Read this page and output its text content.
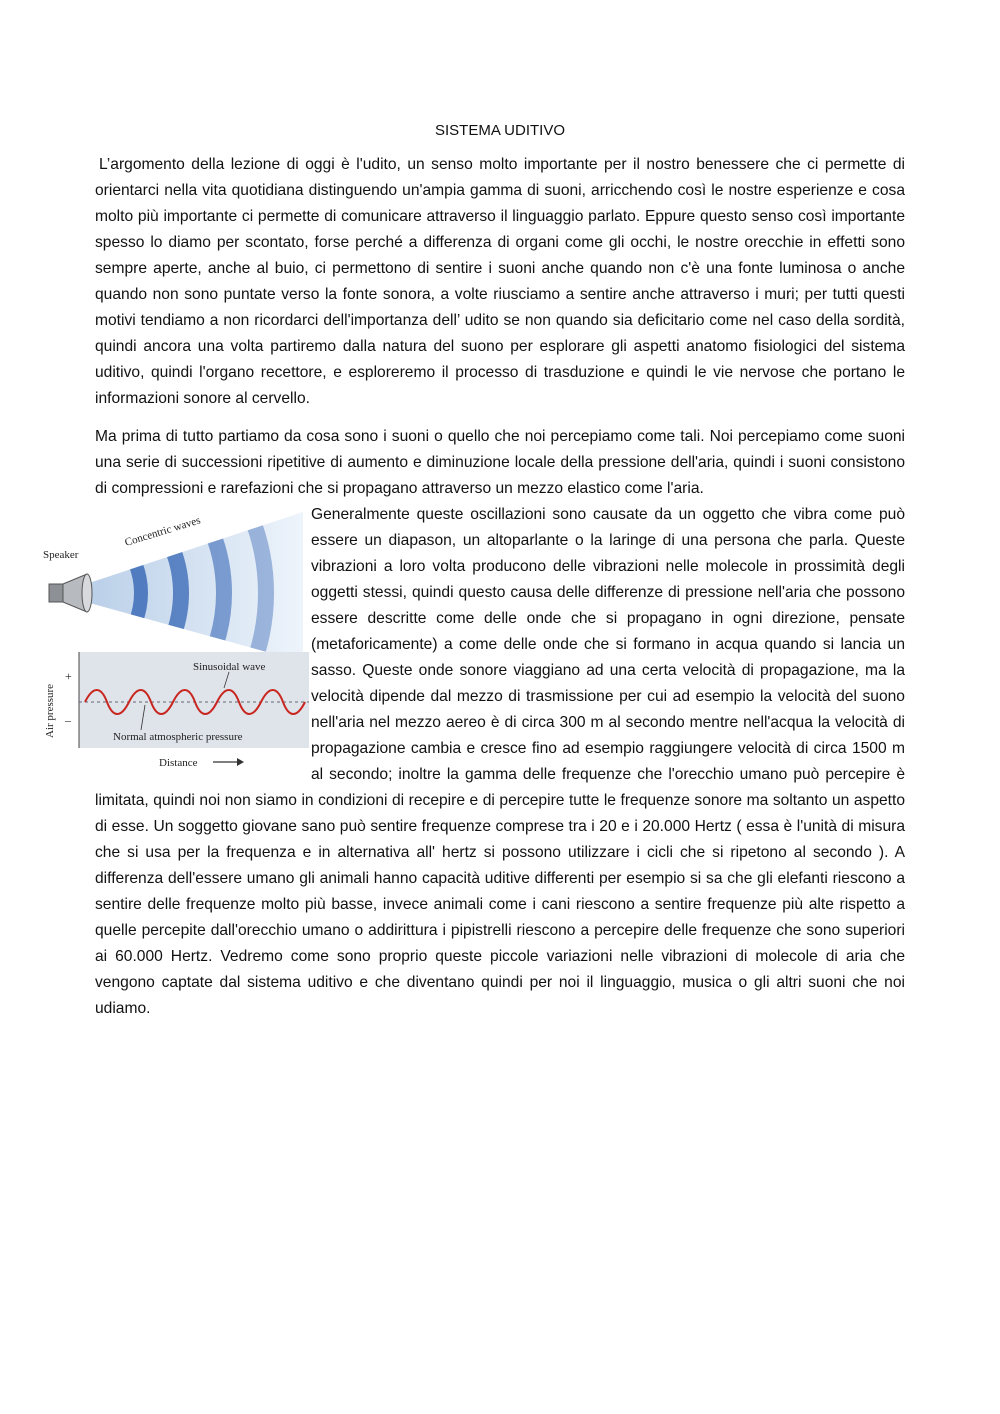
SISTEMA UDITIVO

L’argomento della lezione di oggi è l'udito, un senso molto importante per il nostro benessere che ci permette di orientarci nella vita quotidiana distinguendo un'ampia gamma di suoni, arricchendo così le nostre esperienze e cosa molto più importante ci permette di comunicare attraverso il linguaggio parlato. Eppure questo senso così importante spesso lo diamo per scontato, forse perché a differenza di organi come gli occhi, le nostre orecchie in effetti sono sempre aperte, anche al buio, ci permettono di sentire i suoni anche quando non c'è una fonte luminosa o anche quando non sono puntate verso la fonte sonora, a volte riusciamo a sentire anche attraverso i muri; per tutti questi motivi tendiamo a non ricordarci dell'importanza dell’ udito se non quando sia deficitario come nel caso della sordità, quindi ancora una volta partiremo dalla natura del suono per esplorare gli aspetti anatomo fisiologici del sistema uditivo, quindi l'organo recettore, e esploreremo il processo di trasduzione e quindi le vie nervose che portano le informazioni sonore al cervello.

Ma prima di tutto partiamo da cosa sono i suoni o quello che noi percepiamo come tali. Noi percepiamo come suoni una serie di successioni ripetitive di aumento e diminuzione locale della pressione dell'aria, quindi i suoni consistono di compressioni e rarefazioni che si propagano attraverso un mezzo elastico come l'aria.

Speaker
Concentric waves
Sinusoidal wave
Normal atmospheric pressure
+
–
Air pressure
Distance

Generalmente queste oscillazioni sono causate da un oggetto che vibra come può essere un diapason, un altoparlante o la laringe di una persona che parla. Queste vibrazioni a loro volta producono delle vibrazioni nelle molecole in prossimità degli oggetti stessi, quindi questo causa delle differenze di pressione nell'aria che possono essere descritte come delle onde che si propagano in ogni direzione, pensate (metaforicamente) a come delle onde che si formano in acqua quando si lancia un sasso. Queste onde sonore viaggiano ad una certa velocità di propagazione, ma la velocità dipende dal mezzo di trasmissione per cui ad esempio la velocità del suono nell'aria nel mezzo aereo è di circa 300 m al secondo mentre nell'acqua la velocità di propagazione cambia e cresce fino ad esempio raggiungere velocità di circa 1500 m al secondo; inoltre la gamma delle frequenze che l'orecchio umano può percepire è limitata, quindi noi non siamo in condizioni di recepire e di percepire tutte le frequenze sonore ma soltanto un aspetto di esse. Un soggetto giovane sano può sentire frequenze comprese tra i 20 e i 20.000 Hertz ( essa è l'unità di misura che si usa per la frequenza e in alternativa all' hertz si possono utilizzare i cicli che si ripetono al secondo ). A differenza dell'essere umano gli animali hanno capacità uditive differenti per esempio si sa che gli elefanti riescono a sentire delle frequenze molto più basse, invece animali come i cani riescono a sentire frequenze più alte rispetto a quelle percepite dall'orecchio umano o addirittura i pipistrelli riescono a percepire delle frequenze che sono superiori ai 60.000 Hertz. Vedremo come sono proprio queste piccole variazioni nelle vibrazioni di molecole di aria che vengono captate dal sistema uditivo e che diventano quindi per noi il linguaggio, musica o gli altri suoni che noi udiamo.
